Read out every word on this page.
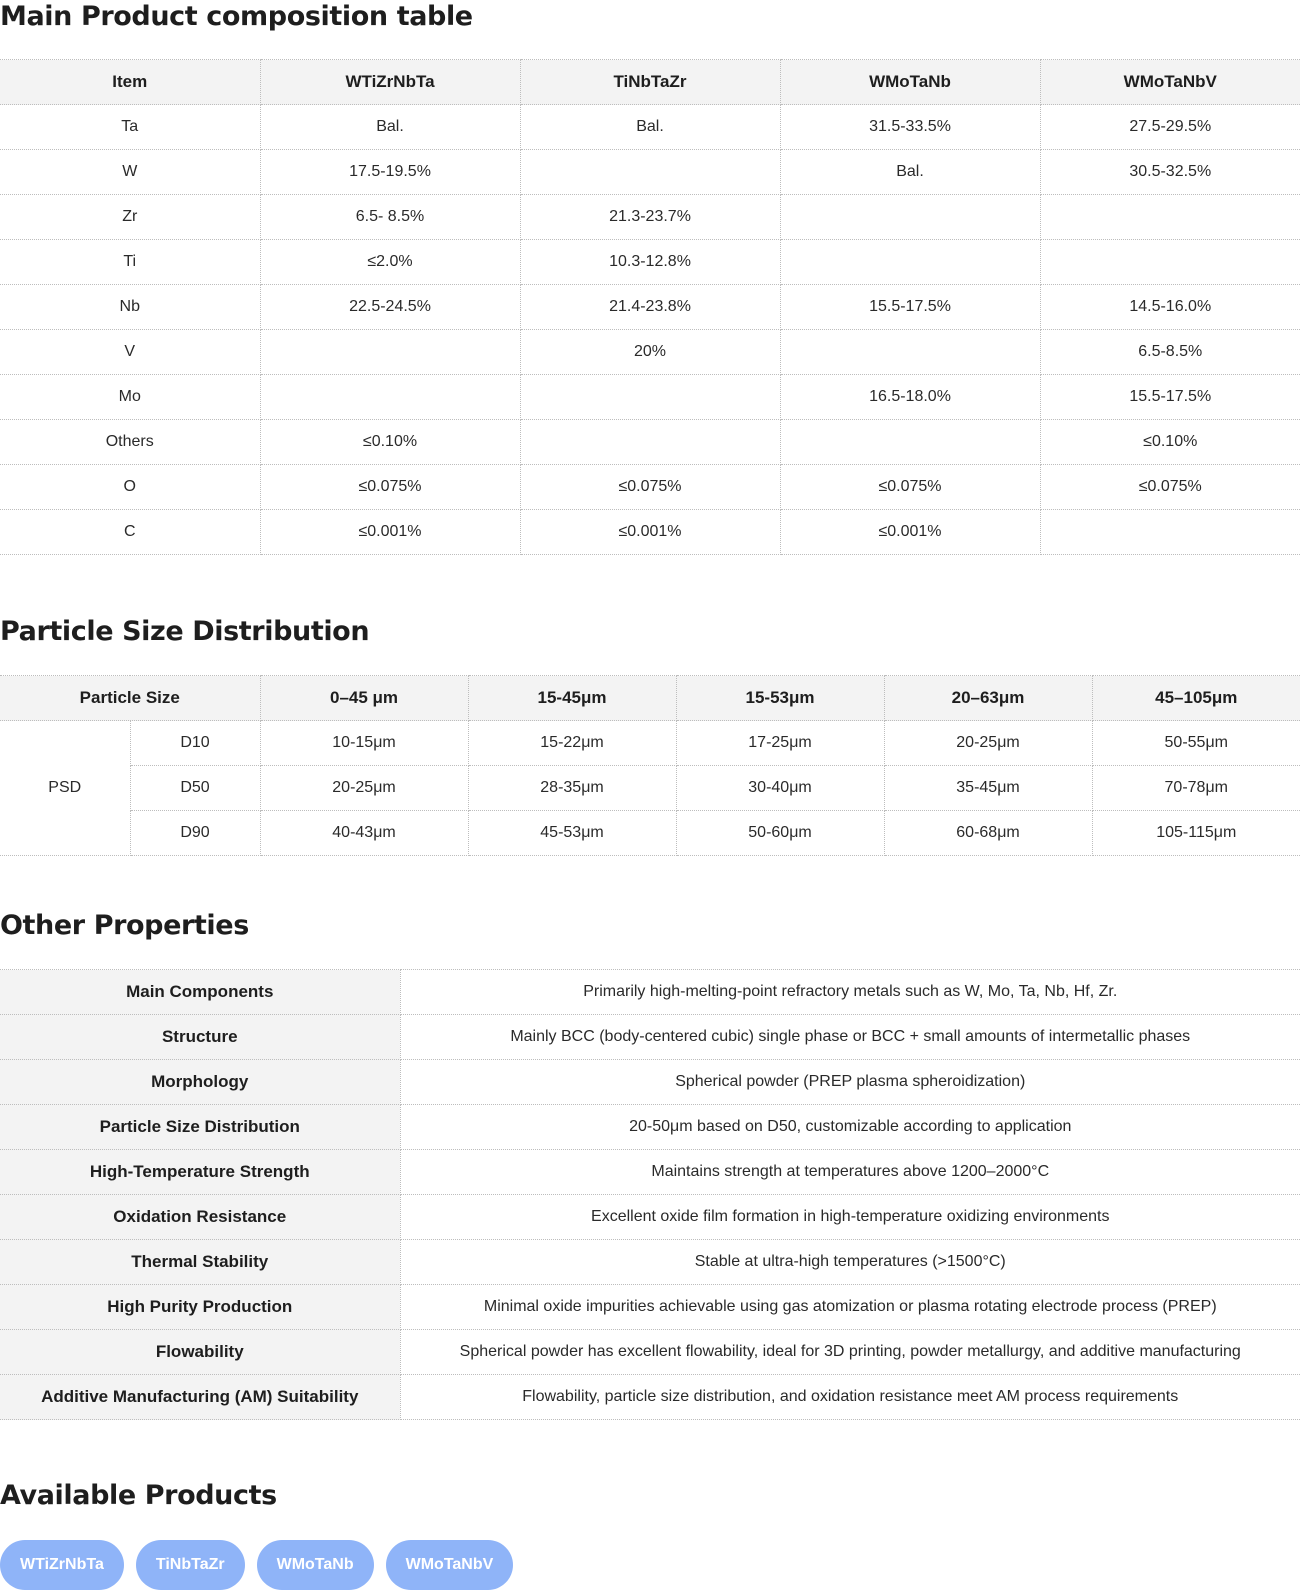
Main Product composition table
Item	WTiZrNbTa	TiNbTaZr	WMoTaNb	WMoTaNbV
Ta	Bal.	Bal.	31.5-33.5%	27.5-29.5%
W	17.5-19.5%		Bal.	30.5-32.5%
Zr	6.5- 8.5%	21.3-23.7%		
Ti	≤2.0%	10.3-12.8%		
Nb	22.5-24.5%	21.4-23.8%	15.5-17.5%	14.5-16.0%
V		20%		6.5-8.5%
Mo			16.5-18.0%	15.5-17.5%
Others	≤0.10%			≤0.10%
O	≤0.075%	≤0.075%	≤0.075%	≤0.075%
C	≤0.001%	≤0.001%	≤0.001%	
Particle Size Distribution
Particle Size		0–45 μm	15-45μm	15-53μm	20–63μm	45–105μm
PSD	D10	10-15μm	15-22μm	17-25μm	20-25μm	50-55μm
	D50	20-25μm	28-35μm	30-40μm	35-45μm	70-78μm
	D90	40-43μm	45-53μm	50-60μm	60-68μm	105-115μm
Other Properties
Main Components	Primarily high-melting-point refractory metals such as W, Mo, Ta, Nb, Hf, Zr.
Structure	Mainly BCC (body-centered cubic) single phase or BCC + small amounts of intermetallic phases
Morphology	Spherical powder (PREP plasma spheroidization)
Particle Size Distribution	20-50μm based on D50, customizable according to application
High-Temperature Strength	Maintains strength at temperatures above 1200–2000°C
Oxidation Resistance	Excellent oxide film formation in high-temperature oxidizing environments
Thermal Stability	Stable at ultra-high temperatures (>1500°C)
High Purity Production	Minimal oxide impurities achievable using gas atomization or plasma rotating electrode process (PREP)
Flowability	Spherical powder has excellent flowability, ideal for 3D printing, powder metallurgy, and additive manufacturing
Additive Manufacturing (AM) Suitability	Flowability, particle size distribution, and oxidation resistance meet AM process requirements
Available Products
WTiZrNbTa	TiNbTaZr	WMoTaNb	WMoTaNbV
